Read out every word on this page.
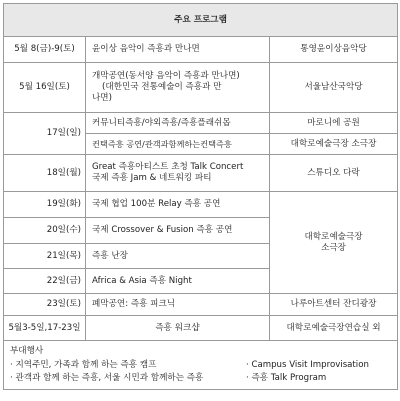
주요 프로그램		
5월 8(금)-9(토)	윤이상 음악이 즉흥과 만나면	통영윤이상음악당
5월 16일(토)	개막공연(동서양 음악이 즉흥과 만나면)
(대한민국 전통예술이 즉흥과 만
나면)	서울남산국악당
17일(일)	커뮤니티즉흥/야외즉흥/즉흥플래쉬몹	마로니에 공원
	컨택즉흥 공연/관객과함께하는컨택즉흥	대학로예술극장 소극장
18일(월)	Great 즉흥아티스트 초청 Talk Concert
국제 즉흥 Jam & 네트워킹 파티	스튜디오 다락
19일(화)	국제 협업 100분 Relay 즉흥 공연	대학로예술극장
소극장

20일(수)	국제 Crossover & Fusion 즉흥 공연	
21일(목)	즉흥 난장	
22일(금)	Africa & Asia 즉흥 Night	
23일(토)	폐막공연: 즉흥 피크닉	나루아트센터 잔디광장
5월3-5일,17-23일	즉흥 워크샵	대학로예술극장연습실 외

부대행사
· 지역주민, 가족과 함께 하는 즉흥 캠프 · Campus Visit Improvisation
· 관객과 함께 하는 즉흥, 서울 시민과 함께하는 즉흥 · 즉흥 Talk Program		
